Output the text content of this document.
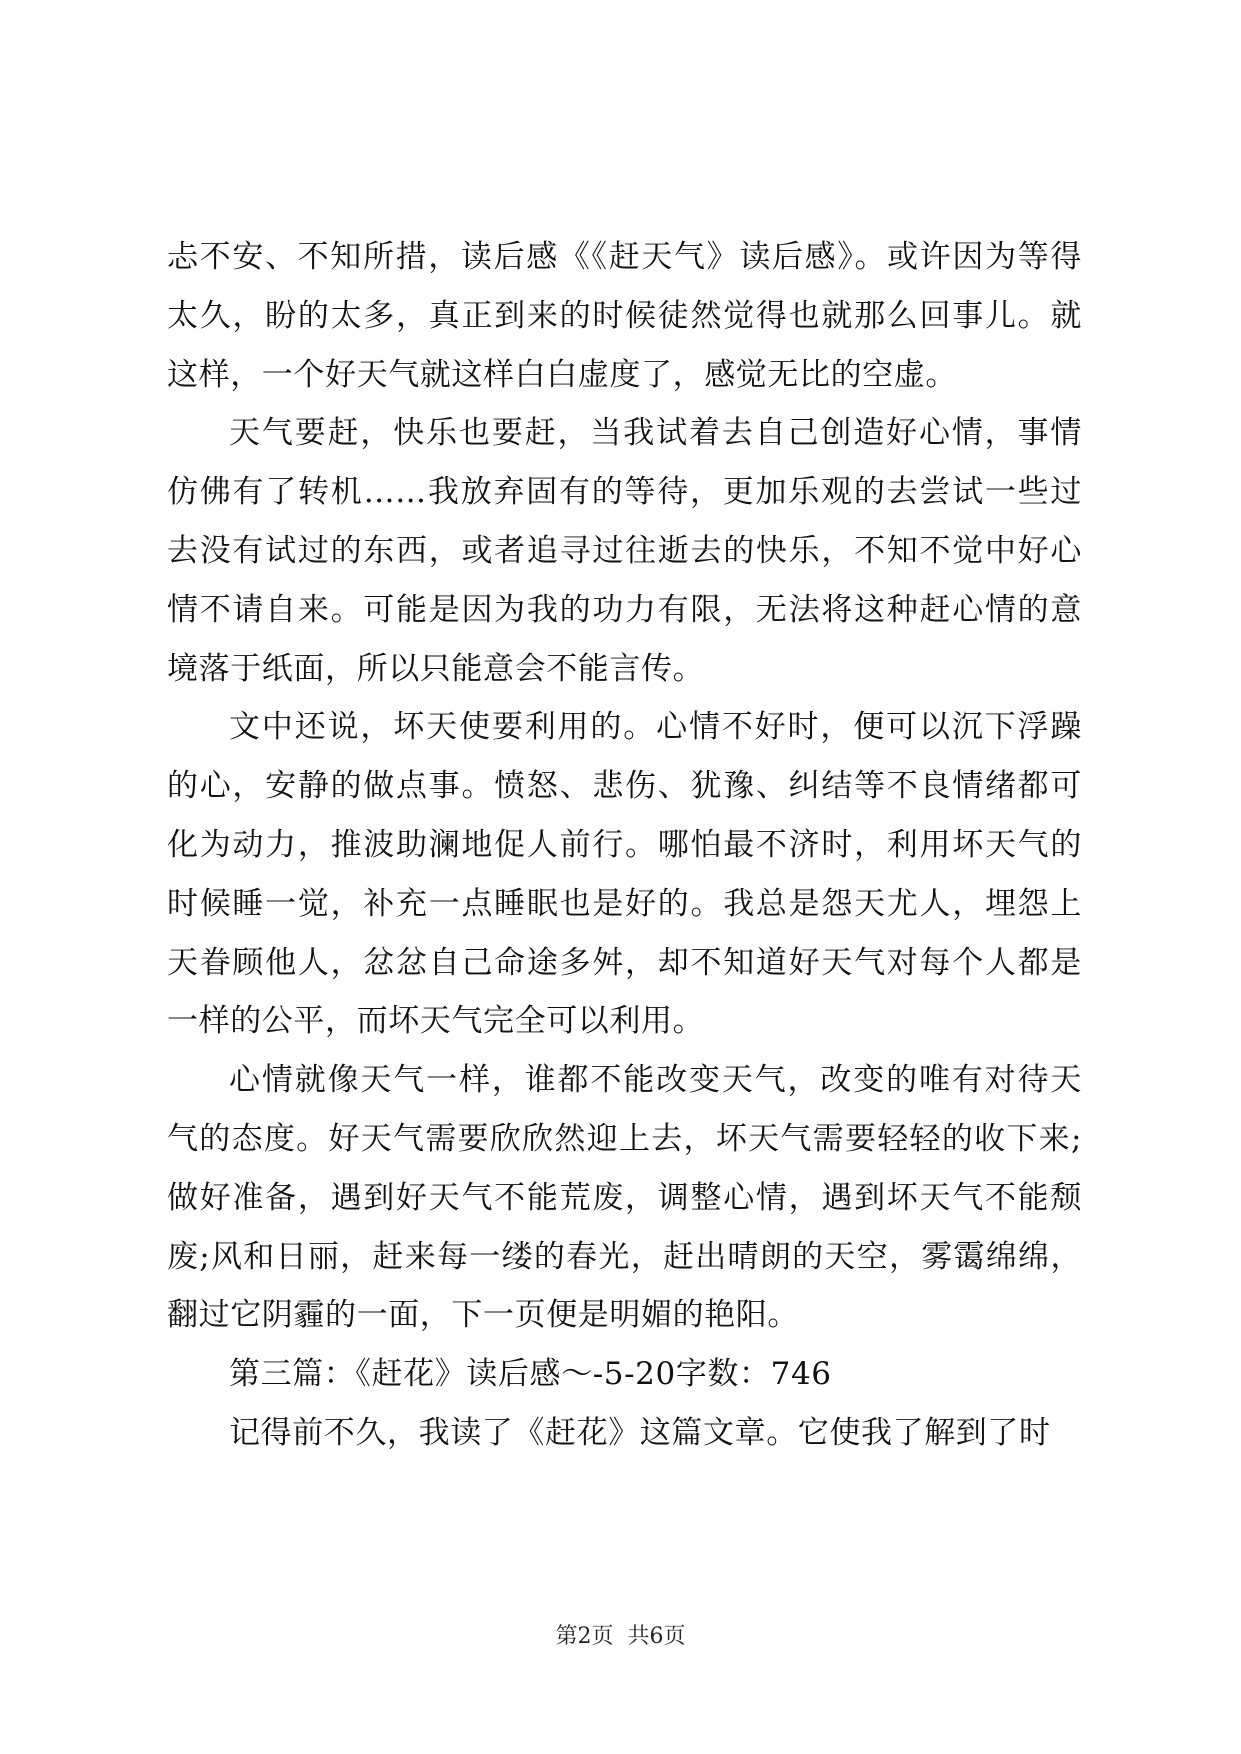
忐不安、不知所措，读后感《《赶天气》读后感》。或许因为等得太久，盼的太多，真正到来的时候徒然觉得也就那么回事儿。就这样，一个好天气就这样白白虚度了，感觉无比的空虚。

天气要赶，快乐也要赶，当我试着去自己创造好心情，事情仿佛有了转机……我放弃固有的等待，更加乐观的去尝试一些过去没有试过的东西，或者追寻过往逝去的快乐，不知不觉中好心情不请自来。可能是因为我的功力有限，无法将这种赶心情的意境落于纸面，所以只能意会不能言传。

文中还说，坏天使要利用的。心情不好时，便可以沉下浮躁的心，安静的做点事。愤怒、悲伤、犹豫、纠结等不良情绪都可化为动力，推波助澜地促人前行。哪怕最不济时，利用坏天气的时候睡一觉，补充一点睡眠也是好的。我总是怨天尤人，埋怨上天眷顾他人，忿忿自己命途多舛，却不知道好天气对每个人都是一样的公平，而坏天气完全可以利用。

心情就像天气一样，谁都不能改变天气，改变的唯有对待天气的态度。好天气需要欣欣然迎上去，坏天气需要轻轻的收下来;做好准备，遇到好天气不能荒废，调整心情，遇到坏天气不能颓废;风和日丽，赶来每一缕的春光，赶出晴朗的天空，雾霭绵绵，翻过它阴霾的一面，下一页便是明媚的艳阳。

第三篇：《赶花》读后感～-5-20字数：746

记得前不久，我读了《赶花》这篇文章。它使我了解到了时

第2页 共6页
